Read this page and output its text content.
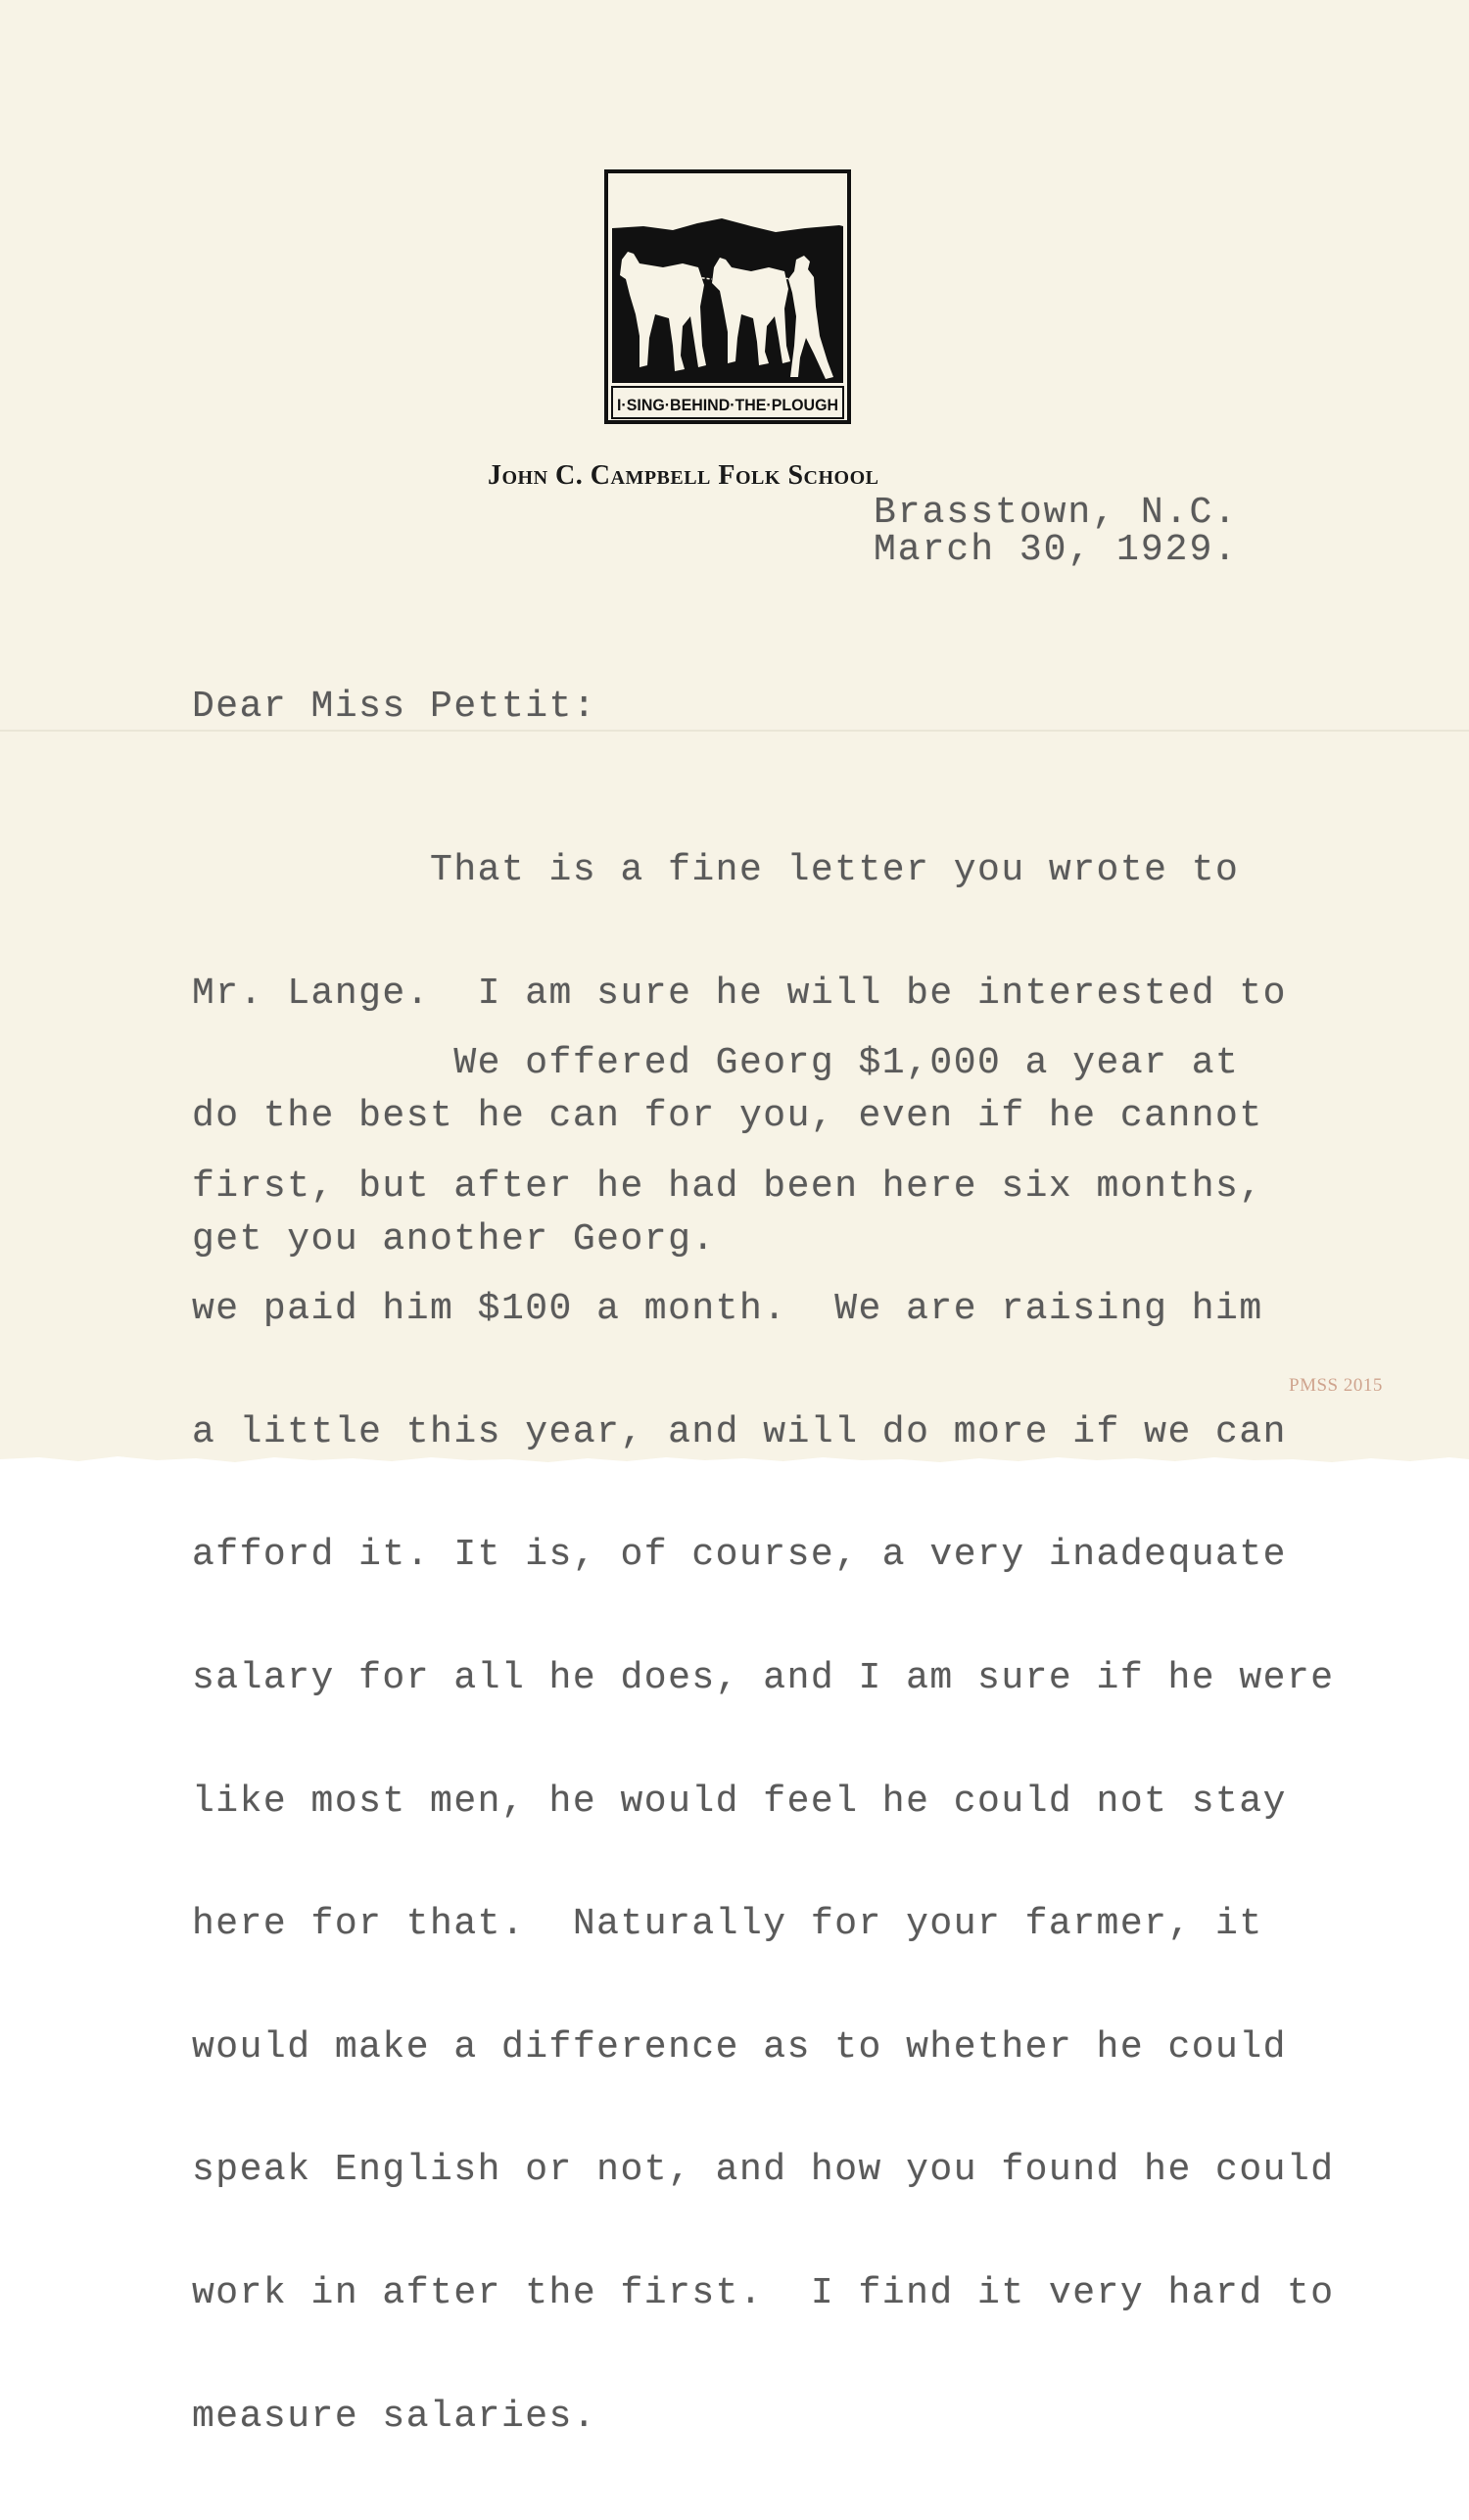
I·SING·BEHIND·THE·PLOUGH
John C. Campbell Folk School
Brasstown, N.C.
March 30, 1929.
Dear Miss Pettit:

That is a fine letter you wrote to

Mr. Lange.  I am sure he will be interested to

do the best he can for you, even if he cannot

get you another Georg.

We offered Georg $1,000 a year at

first, but after he had been here six months,

we paid him $100 a month.  We are raising him

a little this year, and will do more if we can

afford it. It is, of course, a very inadequate

salary for all he does, and I am sure if he were

like most men, he would feel he could not stay

here for that.  Naturally for your farmer, it

would make a difference as to whether he could

speak English or not, and how you found he could

work in after the first.  I find it very hard to

measure salaries.

PMSS 2015
